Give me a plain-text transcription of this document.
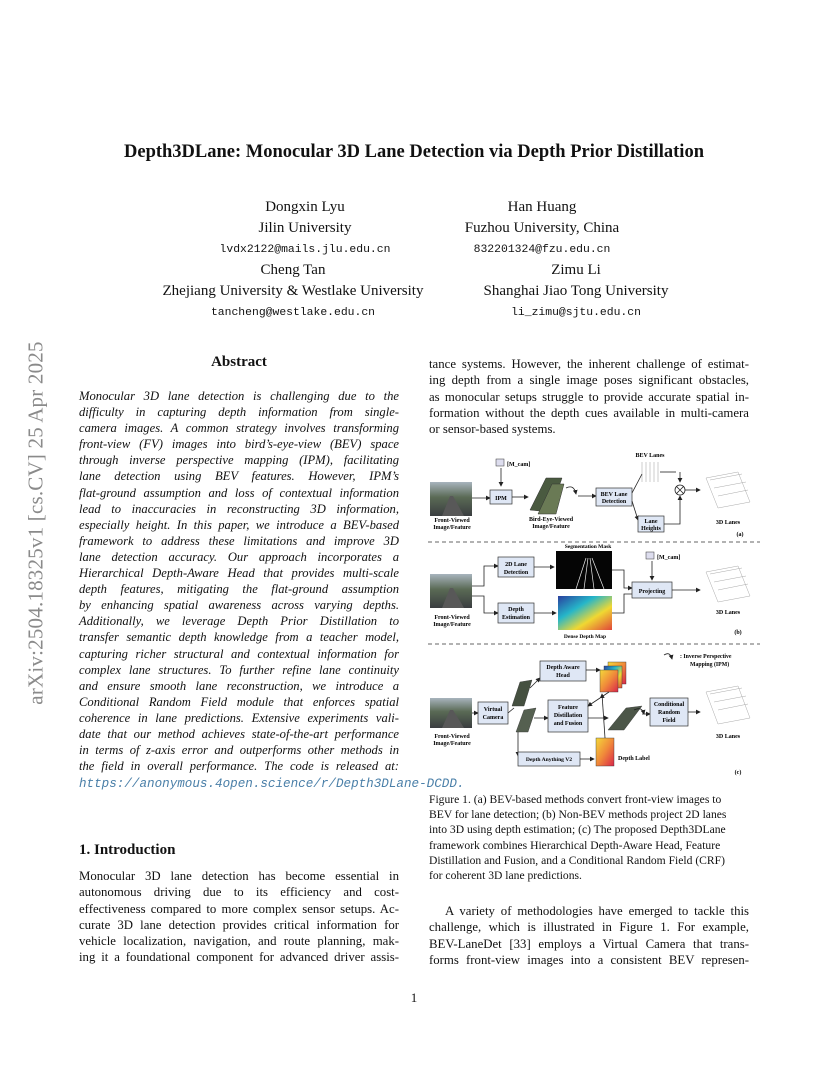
arXiv:2504.18325v1 [cs.CV] 25 Apr 2025
Depth3DLane: Monocular 3D Lane Detection via Depth Prior Distillation
Dongxin Lyu
Jilin University
lvdx2122@mails.jlu.edu.cn
Han Huang
Fuzhou University, China
832201324@fzu.edu.cn
Cheng Tan
Zhejiang University & Westlake University
tancheng@westlake.edu.cn
Zimu Li
Shanghai Jiao Tong University
li_zimu@sjtu.edu.cn
Abstract
Monocular 3D lane detection is challenging due to the
difficulty in capturing depth information from single-
camera images. A common strategy involves transforming
front-view (FV) images into bird’s-eye-view (BEV) space
through inverse perspective mapping (IPM), facilitating
lane detection using BEV features. However, IPM’s
flat-ground assumption and loss of contextual information
lead to inaccuracies in reconstructing 3D information,
especially height. In this paper, we introduce a BEV-based
framework to address these limitations and improve 3D
lane detection accuracy. Our approach incorporates a
Hierarchical Depth-Aware Head that provides multi-scale
depth features, mitigating the flat-ground assumption
by enhancing spatial awareness across varying depths.
Additionally, we leverage Depth Prior Distillation to
transfer semantic depth knowledge from a teacher model,
capturing richer structural and contextual information for
complex lane structures. To further refine lane continuity
and ensure smooth lane reconstruction, we introduce a
Conditional Random Field module that enforces spatial
coherence in lane predictions. Extensive experiments vali-
date that our method achieves state-of-the-art performance
in terms of z-axis error and outperforms other methods in
the field in overall performance. The code is released at:
https://anonymous.4open.science/r/Depth3DLane-DCDD.
1. Introduction
Monocular 3D lane detection has become essential in
autonomous driving due to its efficiency and cost-
effectiveness compared to more complex sensor setups. Ac-
curate 3D lane detection provides critical information for
vehicle localization, navigation, and route planning, mak-
ing it a foundational component for advanced driver assis-
tance systems. However, the inherent challenge of estimat-
ing depth from a single image poses significant obstacles,
as monocular setups struggle to provide accurate spatial in-
formation without the depth cues available in multi-camera
or sensor-based systems.
Front-Viewed
Image/Feature
[M_cam]
IPM
Bird-Eye-Viewed
Image/Feature
BEV Lane
Detection
BEV Lanes
Lane
Heights
3D Lanes
(a)
Segmentation Mask
Front-Viewed
Image/Feature
2D Lane
Detection
Depth
Estimation
Dense Depth Map
[M_cam]
Projecting
3D Lanes
(b)
: Inverse Perspective
Mapping (IPM)
Front-Viewed
Image/Feature
Virtual
Camera
Depth Aware
Head
Feature
Distillation
and Fusion
Conditional
Random
Field
3D Lanes
Depth Anything V2	Depth Label
(c)
Figure 1. (a) BEV-based methods convert front-view images to
BEV for lane detection; (b) Non-BEV methods project 2D lanes
into 3D using depth estimation; (c) The proposed Depth3DLane
framework combines Hierarchical Depth-Aware Head, Feature
Distillation and Fusion, and a Conditional Random Field (CRF)
for coherent 3D lane predictions.
A variety of methodologies have emerged to tackle this
challenge, which is illustrated in Figure 1. For example,
BEV-LaneDet [33] employs a Virtual Camera that trans-
forms front-view images into a consistent BEV represen-
1
